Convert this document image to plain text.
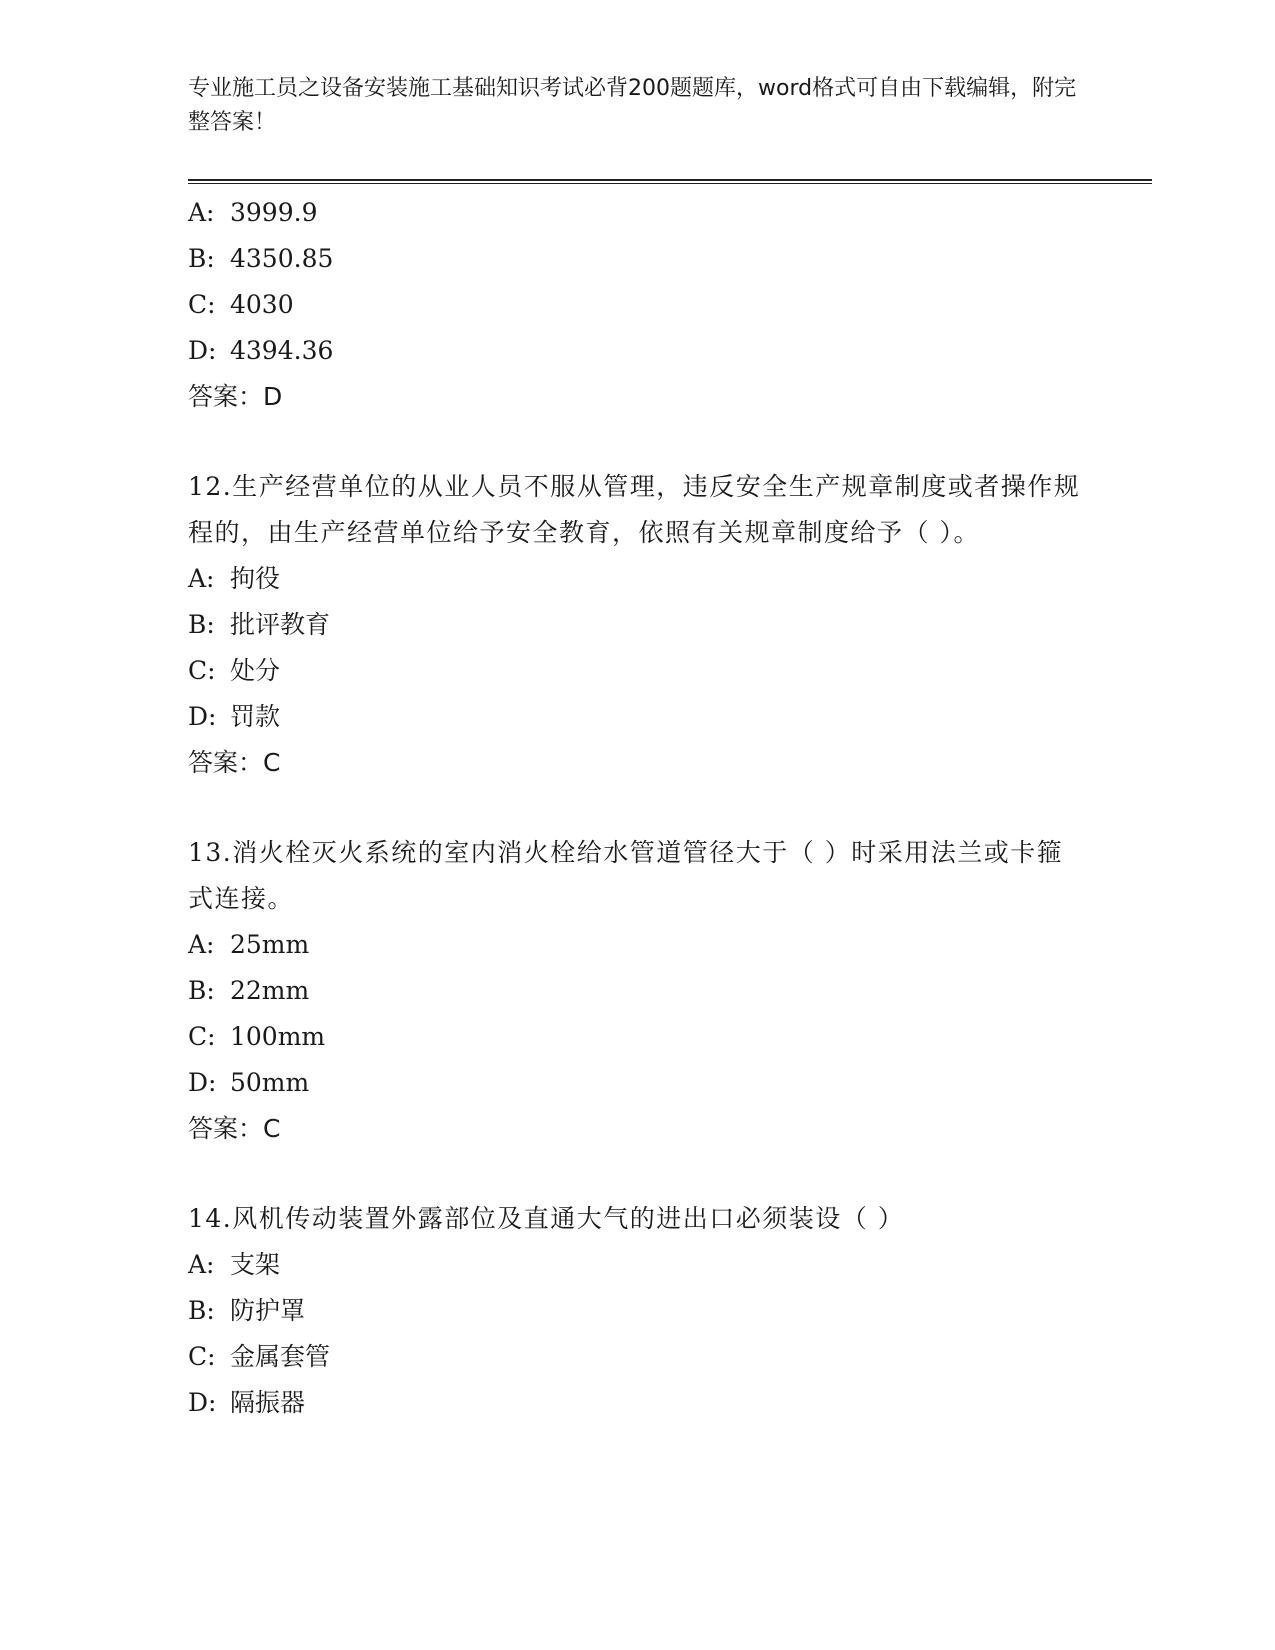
专业施工员之设备安装施工基础知识考试必背200题题库，word格式可自由下载编辑，附完整答案！
A: 3999.9
B: 4350.85
C: 4030
D: 4394.36
答案：D
12.生产经营单位的从业人员不服从管理，违反安全生产规章制度或者操作规程的，由生产经营单位给予安全教育，依照有关规章制度给予（ ）。
A: 拘役
B: 批评教育
C: 处分
D: 罚款
答案：C
13.消火栓灭火系统的室内消火栓给水管道管径大于（ ）时采用法兰或卡箍式连接。
A: 25mm
B: 22mm
C: 100mm
D: 50mm
答案：C
14.风机传动装置外露部位及直通大气的进出口必须装设（ ）
A: 支架
B: 防护罩
C: 金属套管
D: 隔振器
